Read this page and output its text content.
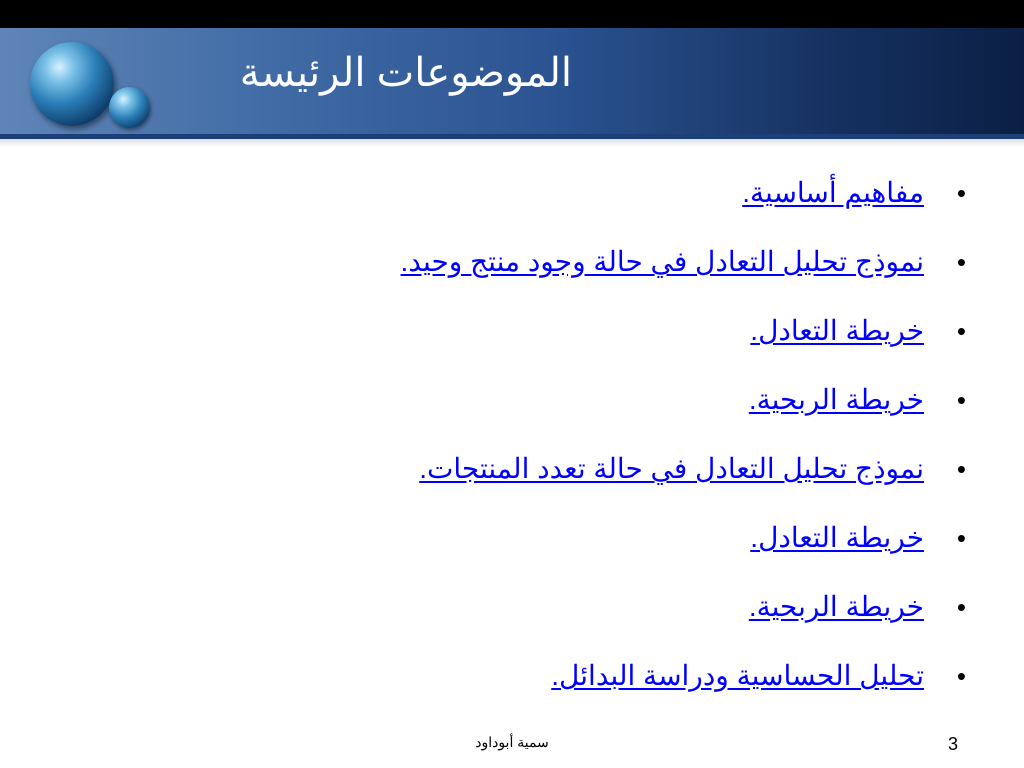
الموضوعات الرئيسة
•
مفاهيم أساسية.
•
نموذج تحليل التعادل في حالة وجود منتج وحيد.
•
خريطة التعادل.
•
خريطة الربحية.
•
نموذج تحليل التعادل في حالة تعدد المنتجات.
•
خريطة التعادل.
•
خريطة الربحية.
•
تحليل الحساسية ودراسة البدائل.
سمية أبوداود	3
